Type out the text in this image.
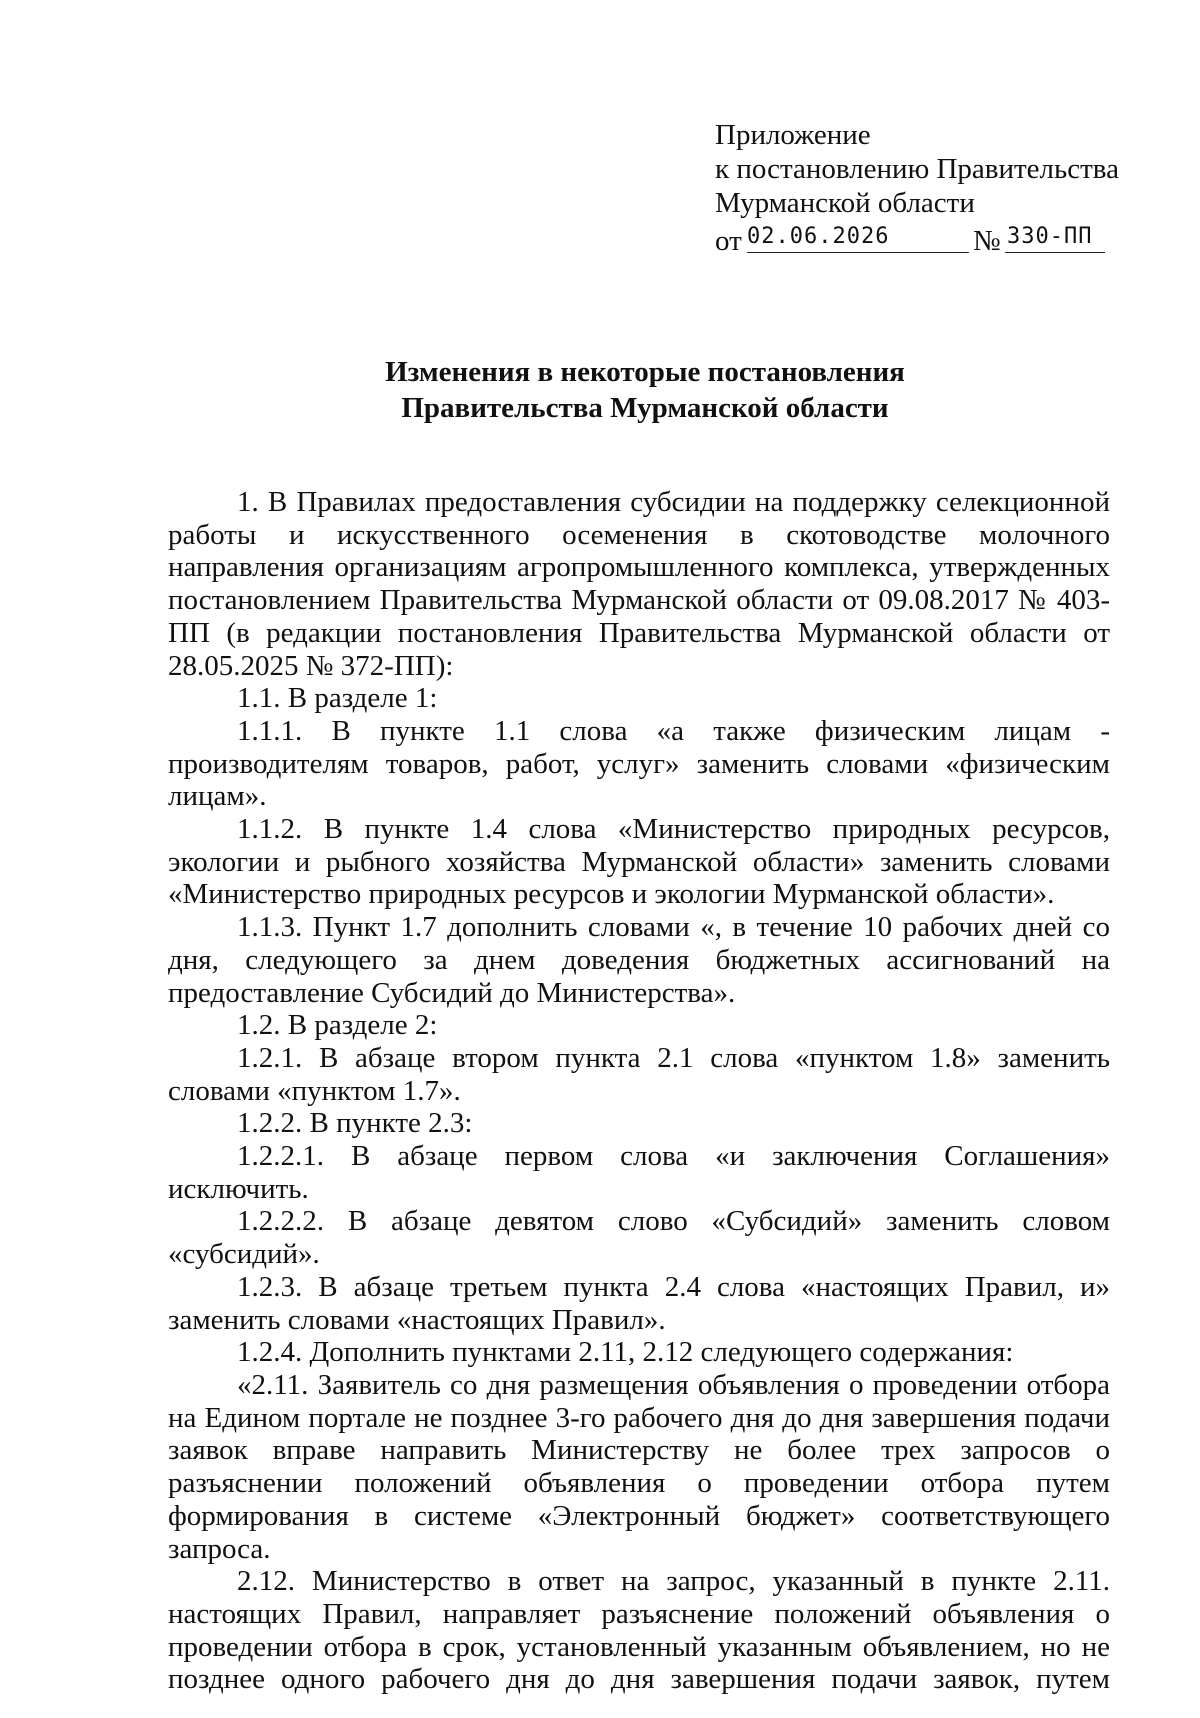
Приложение
к постановлению Правительства
Мурманской области
от 02.06.2026	№ 330-ПП
Изменения в некоторые постановления
Правительства Мурманской области

1. В Правилах предоставления субсидии на поддержку селекционной работы и искусственного осеменения в скотоводстве молочного направления организациям агропромышленного комплекса, утвержденных постановлением Правительства Мурманской области от 09.08.2017 № 403-ПП (в редакции постановления Правительства Мурманской области от 28.05.2025 № 372-ПП):

1.1. В разделе 1:

1.1.1. В пункте 1.1 слова «а также физическим лицам - производителям товаров, работ, услуг» заменить словами «физическим лицам».

1.1.2. В пункте 1.4 слова «Министерство природных ресурсов, экологии и рыбного хозяйства Мурманской области» заменить словами «Министерство природных ресурсов и экологии Мурманской области».

1.1.3. Пункт 1.7 дополнить словами «, в течение 10 рабочих дней со дня, следующего за днем доведения бюджетных ассигнований на предоставление Субсидий до Министерства».

1.2. В разделе 2:

1.2.1. В абзаце втором пункта 2.1 слова «пунктом 1.8» заменить словами «пунктом 1.7».

1.2.2. В пункте 2.3:

1.2.2.1. В абзаце первом слова «и заключения Соглашения» исключить.

1.2.2.2. В абзаце девятом слово «Субсидий» заменить словом «субсидий».

1.2.3. В абзаце третьем пункта 2.4 слова «настоящих Правил, и» заменить словами «настоящих Правил».

1.2.4. Дополнить пунктами 2.11, 2.12 следующего содержания:

«2.11. Заявитель со дня размещения объявления о проведении отбора на Едином портале не позднее 3-го рабочего дня до дня завершения подачи заявок вправе направить Министерству не более трех запросов о разъяснении положений объявления о проведении отбора путем формирования в системе «Электронный бюджет» соответствующего запроса.

2.12. Министерство в ответ на запрос, указанный в пункте 2.11. настоящих Правил, направляет разъяснение положений объявления о проведении отбора в срок, установленный указанным объявлением, но не позднее одного рабочего дня до дня завершения подачи заявок, путем
